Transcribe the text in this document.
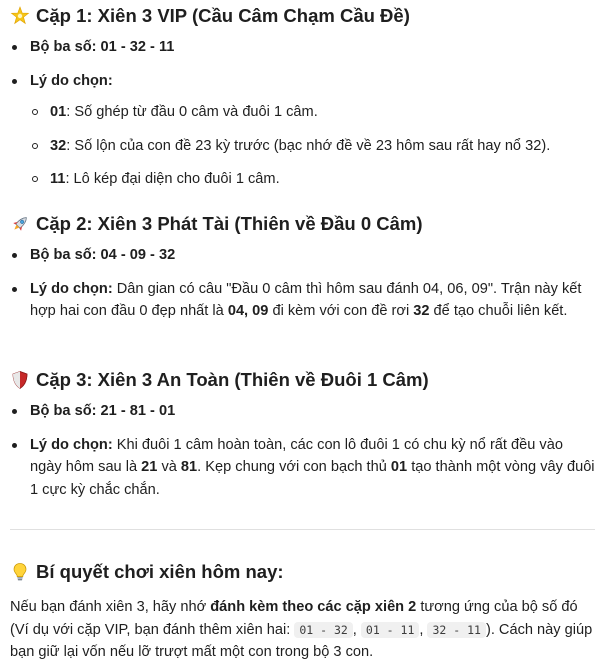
Cặp 1: Xiên 3 VIP (Cầu Câm Chạm Cầu Đề)
Bộ ba số: 01 - 32 - 11
Lý do chọn:
01: Số ghép từ đầu 0 câm và đuôi 1 câm.
32: Số lộn của con đề 23 kỳ trước (bạc nhớ đề về 23 hôm sau rất hay nổ 32).
11: Lô kép đại diện cho đuôi 1 câm.
Cặp 2: Xiên 3 Phát Tài (Thiên về Đầu 0 Câm)
Bộ ba số: 04 - 09 - 32
Lý do chọn: Dân gian có câu "Đầu 0 câm thì hôm sau đánh 04, 06, 09". Trận này kết hợp hai con đầu 0 đẹp nhất là 04, 09 đi kèm với con đề rơi 32 để tạo chuỗi liên kết.
Cặp 3: Xiên 3 An Toàn (Thiên về Đuôi 1 Câm)
Bộ ba số: 21 - 81 - 01
Lý do chọn: Khi đuôi 1 câm hoàn toàn, các con lô đuôi 1 có chu kỳ nổ rất đều vào ngày hôm sau là 21 và 81. Kẹp chung với con bạch thủ 01 tạo thành một vòng vây đuôi 1 cực kỳ chắc chắn.
Bí quyết chơi xiên hôm nay:

Nếu bạn đánh xiên 3, hãy nhớ đánh kèm theo các cặp xiên 2 tương ứng của bộ số đó (Ví dụ với cặp VIP, bạn đánh thêm xiên hai: 01 - 32 , 01 - 11 , 32 - 11 ). Cách này giúp bạn giữ lại vốn nếu lỡ trượt mất một con trong bộ 3 con.
